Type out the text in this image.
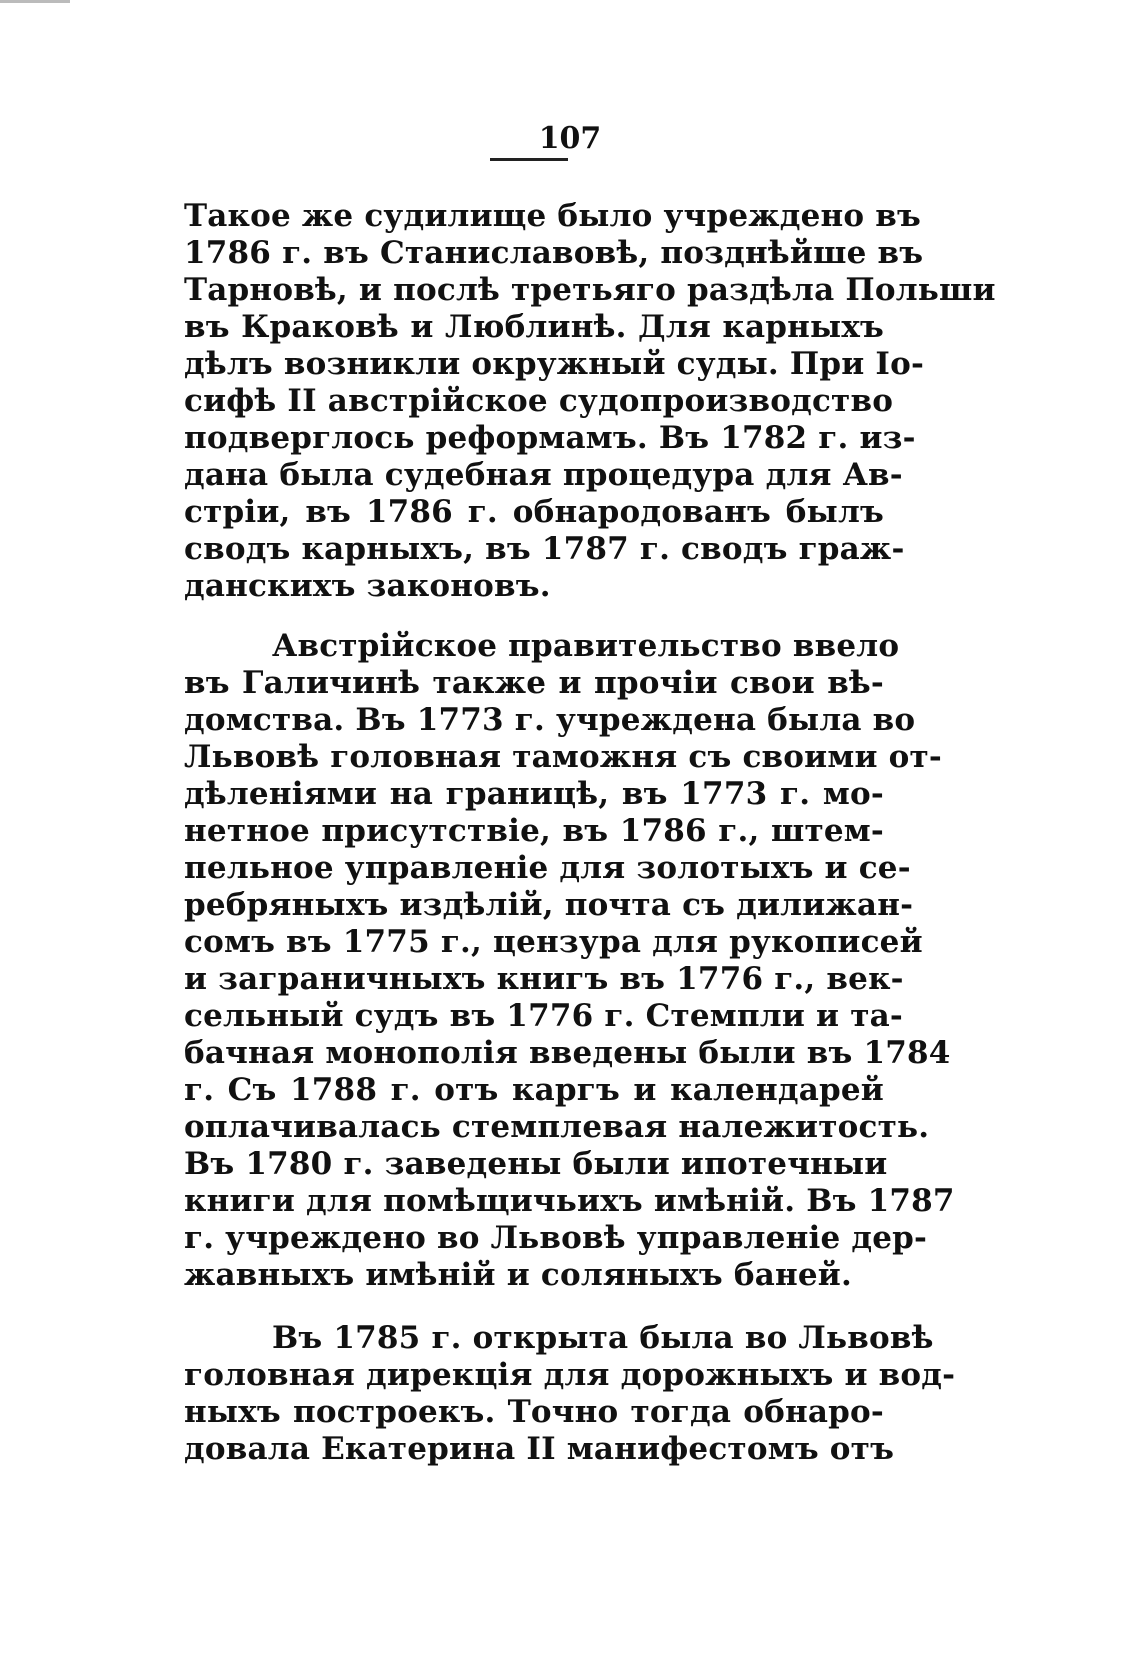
107
Такое же судилище было учреждено въ
1786 г. въ Станиславовѣ, позднѣйше въ
Тарновѣ, и послѣ третьяго раздѣла Польши
въ Краковѣ и Люблинѣ. Для карныхъ
дѣлъ возникли окружный суды. При Іо-
сифѣ II австрійское судопроизводство
подверглось реформамъ. Въ 1782 г. из-
дана была судебная процедура для Ав-
стріи, въ 1786 г. обнародованъ былъ
сводъ карныхъ, въ 1787 г. сводъ граж-
данскихъ законовъ.
Австрійское правительство ввело
въ Галичинѣ также и прочіи свои вѣ-
домства. Въ 1773 г. учреждена была во
Львовѣ головная таможня съ своими от-
дѣленіями на границѣ, въ 1773 г. мо-
нетное присутствіе, въ 1786 г., штем-
пельное управленіе для золотыхъ и се-
ребряныхъ издѣлій, почта съ дилижан-
сомъ въ 1775 г., цензура для рукописей
и заграничныхъ книгъ въ 1776 г., век-
сельный судъ въ 1776 г. Стемпли и та-
бачная монополія введены были въ 1784
г. Съ 1788 г. отъ каргъ и календарей
оплачивалась стемплевая належитость.
Въ 1780 г. заведены были ипотечныи
книги для помѣщичьихъ имѣній. Въ 1787
г. учреждено во Львовѣ управленіе дер-
жавныхъ имѣній и соляныхъ баней.
Въ 1785 г. открыта была во Львовѣ
головная дирекція для дорожныхъ и вод-
ныхъ построекъ. Точно тогда обнаро-
довала Екатерина II манифестомъ отъ
